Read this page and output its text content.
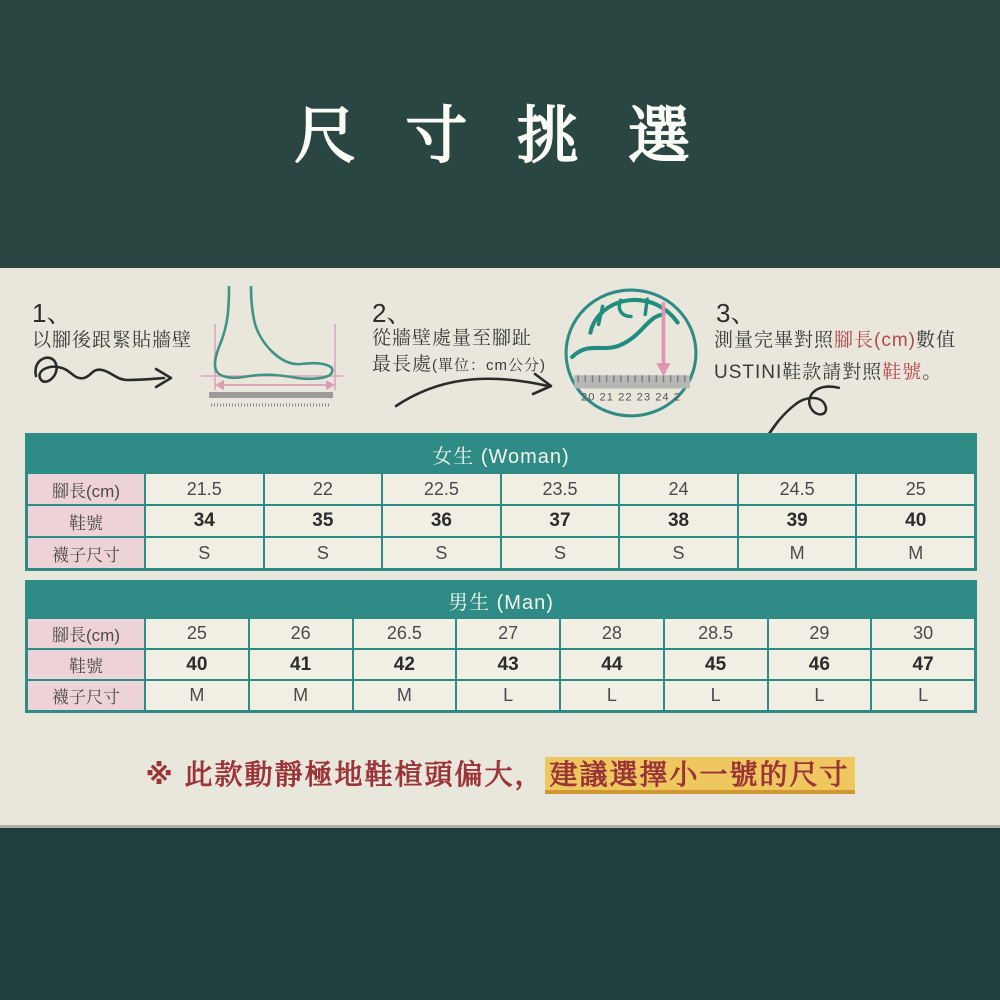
尺 寸 挑 選
1、
以腳後跟緊貼牆壁
2、
從牆壁處量至腳趾
最長處(單位：cm公分)
20 21 22 23 24 2
3、
測量完畢對照腳長(cm)數值
USTINI鞋款請對照鞋號。
女生 (Woman)
腳長(cm)	21.5	22	22.5	23.5	24	24.5	25
鞋號	34	35	36	37	38	39	40
襪子尺寸	S	S	S	S	S	M	M
男生 (Man)
腳長(cm)	25	26	26.5	27	28	28.5	29	30
鞋號	40	41	42	43	44	45	46	47
襪子尺寸	M	M	M	L	L	L	L	L
※ 此款動靜極地鞋楦頭偏大， 建議選擇小一號的尺寸
